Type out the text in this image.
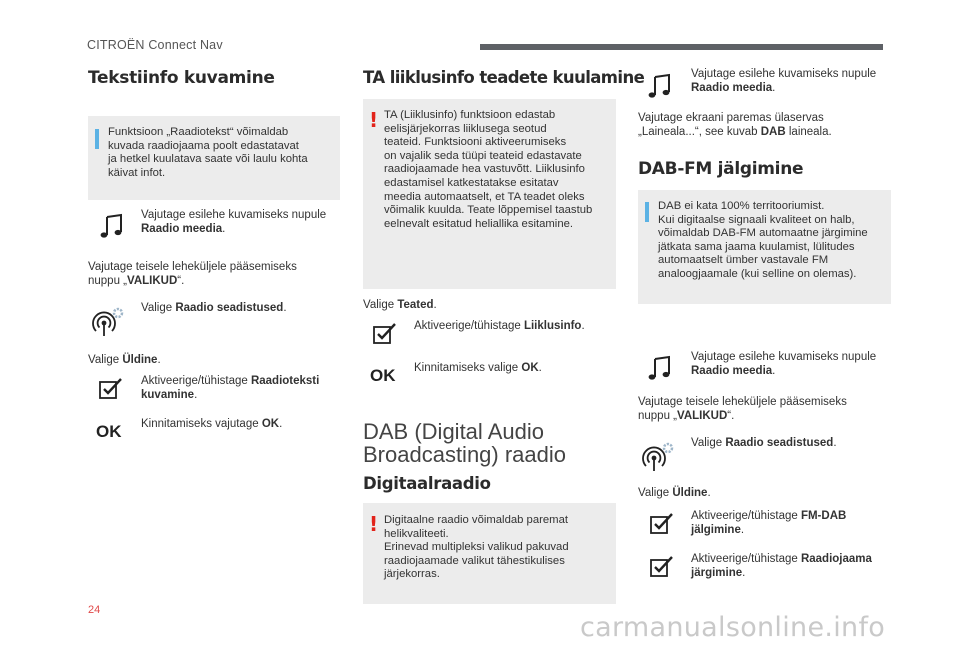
CITROËN Connect Nav
Tekstiinfo kuvamine
Funktsioon „Raadiotekst“ võimaldab
kuvada raadiojaama poolt edastatavat
ja hetkel kuulatava saate või laulu kohta
käivat infot.
Vajutage esilehe kuvamiseks nupule
Raadio meedia.
Vajutage teisele leheküljele pääsemiseks
nuppu „VALIKUD“.
Valige Raadio seadistused.
Valige Üldine.
Aktiveerige/tühistage Raadioteksti
kuvamine.
OK Kinnitamiseks vajutage OK.
TA liiklusinfo teadete kuulamine
! TA (Liiklusinfo) funktsioon edastab
eelisjärjekorras liiklusega seotud
teateid. Funktsiooni aktiveerumiseks
on vajalik seda tüüpi teateid edastavate
raadiojaamade hea vastuvõtt. Liiklusinfo
edastamisel katkestatakse esitatav
meedia automaatselt, et TA teadet oleks
võimalik kuulda. Teate lõppemisel taastub
eelnevalt esitatud heliallika esitamine.
Valige Teated.
Aktiveerige/tühistage Liiklusinfo.
OK Kinnitamiseks valige OK.
DAB (Digital Audio
Broadcasting) raadio
Digitaalraadio
! Digitaalne raadio võimaldab paremat
helikvaliteeti.
Erinevad multipleksi valikud pakuvad
raadiojaamade valikut tähestikulises
järjekorras.
Vajutage esilehe kuvamiseks nupule
Raadio meedia.
Vajutage ekraani paremas ülaservas
„Laineala...“, see kuvab DAB laineala.
DAB-FM jälgimine
DAB ei kata 100% territooriumist.
Kui digitaalse signaali kvaliteet on halb,
võimaldab DAB-FM automaatne järgimine
jätkata sama jaama kuulamist, lülitudes
automaatselt ümber vastavale FM
analoogjaamale (kui selline on olemas).
Vajutage esilehe kuvamiseks nupule
Raadio meedia.
Vajutage teisele leheküljele pääsemiseks
nuppu „VALIKUD“.
Valige Raadio seadistused.
Valige Üldine.
Aktiveerige/tühistage FM-DAB
jälgimine.
Aktiveerige/tühistage Raadiojaama
järgimine.
24
carmanualsonline.info
